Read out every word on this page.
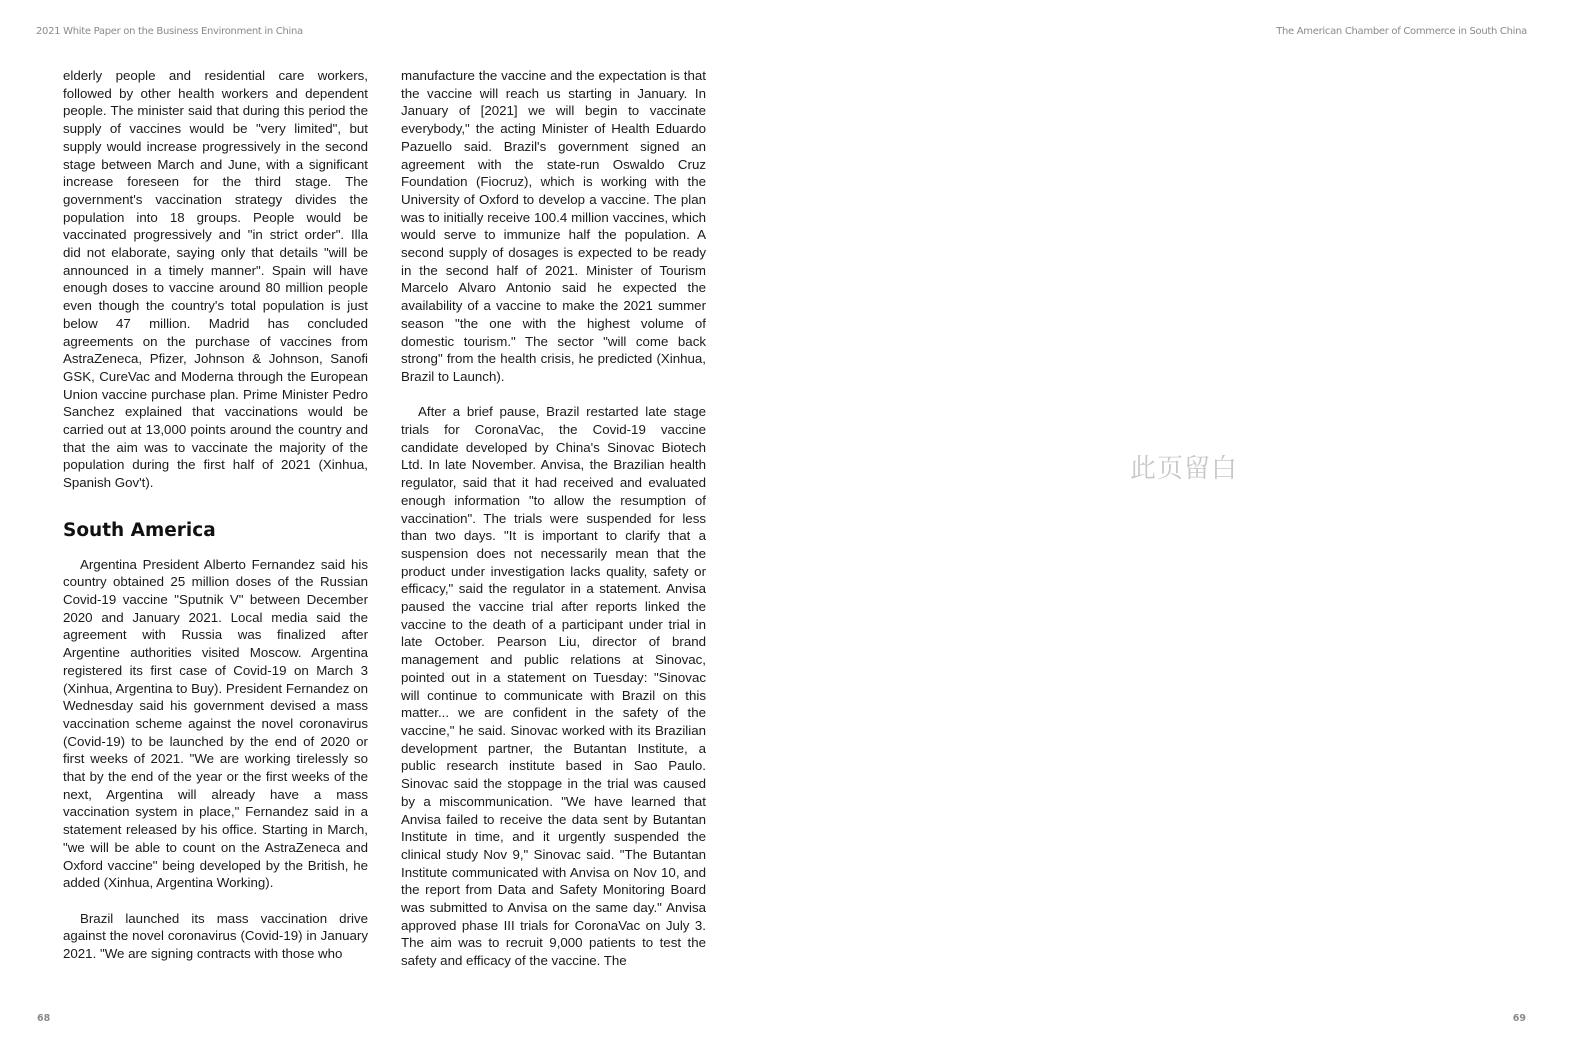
2021 White Paper on the Business Environment in China	The American Chamber of Commerce in South China

elderly people and residential care workers, followed by other health workers and dependent people. The minister said that during this period the supply of vaccines would be "very limited", but supply would increase progressively in the second stage between March and June, with a significant increase foreseen for the third stage. The government's vaccination strategy divides the population into 18 groups. People would be vaccinated progressively and "in strict order". Illa did not elaborate, saying only that details "will be announced in a timely manner". Spain will have enough doses to vaccine around 80 million people even though the country's total population is just below 47 million. Madrid has concluded agreements on the purchase of vaccines from AstraZeneca, Pfizer, Johnson & Johnson, Sanofi GSK, CureVac and Moderna through the European Union vaccine purchase plan. Prime Minister Pedro Sanchez explained that vaccinations would be carried out at 13,000 points around the country and that the aim was to vaccinate the majority of the population during the first half of 2021 (Xinhua, Spanish Gov't).

South America

Argentina President Alberto Fernandez said his country obtained 25 million doses of the Russian Covid-19 vaccine "Sputnik V" between December 2020 and January 2021. Local media said the agreement with Russia was finalized after Argentine authorities visited Moscow. Argentina registered its first case of Covid-19 on March 3 (Xinhua, Argentina to Buy). President Fernandez on Wednesday said his government devised a mass vaccination scheme against the novel coronavirus (Covid-19) to be launched by the end of 2020 or first weeks of 2021. "We are working tirelessly so that by the end of the year or the first weeks of the next, Argentina will already have a mass vaccination system in place," Fernandez said in a statement released by his office. Starting in March, "we will be able to count on the AstraZeneca and Oxford vaccine" being developed by the British, he added (Xinhua, Argentina Working).

Brazil launched its mass vaccination drive against the novel coronavirus (Covid-19) in January 2021. "We are signing contracts with those who

manufacture the vaccine and the expectation is that the vaccine will reach us starting in January. In January of [2021] we will begin to vaccinate everybody," the acting Minister of Health Eduardo Pazuello said. Brazil's government signed an agreement with the state-run Oswaldo Cruz Foundation (Fiocruz), which is working with the University of Oxford to develop a vaccine. The plan was to initially receive 100.4 million vaccines, which would serve to immunize half the population. A second supply of dosages is expected to be ready in the second half of 2021. Minister of Tourism Marcelo Alvaro Antonio said he expected the availability of a vaccine to make the 2021 summer season "the one with the highest volume of domestic tourism." The sector "will come back strong" from the health crisis, he predicted (Xinhua, Brazil to Launch).

After a brief pause, Brazil restarted late stage trials for CoronaVac, the Covid-19 vaccine candidate developed by China's Sinovac Biotech Ltd. In late November. Anvisa, the Brazilian health regulator, said that it had received and evaluated enough information "to allow the resumption of vaccination". The trials were suspended for less than two days. "It is important to clarify that a suspension does not necessarily mean that the product under investigation lacks quality, safety or efficacy," said the regulator in a statement. Anvisa paused the vaccine trial after reports linked the vaccine to the death of a participant under trial in late October. Pearson Liu, director of brand management and public relations at Sinovac, pointed out in a statement on Tuesday: "Sinovac will continue to communicate with Brazil on this matter... we are confident in the safety of the vaccine," he said. Sinovac worked with its Brazilian development partner, the Butantan Institute, a public research institute based in Sao Paulo. Sinovac said the stoppage in the trial was caused by a miscommunication. "We have learned that Anvisa failed to receive the data sent by Butantan Institute in time, and it urgently suspended the clinical study Nov 9," Sinovac said. "The Butantan Institute communicated with Anvisa on Nov 10, and the report from Data and Safety Monitoring Board was submitted to Anvisa on the same day." Anvisa approved phase III trials for CoronaVac on July 3. The aim was to recruit 9,000 patients to test the safety and efficacy of the vaccine. The

此页留白
68	69
